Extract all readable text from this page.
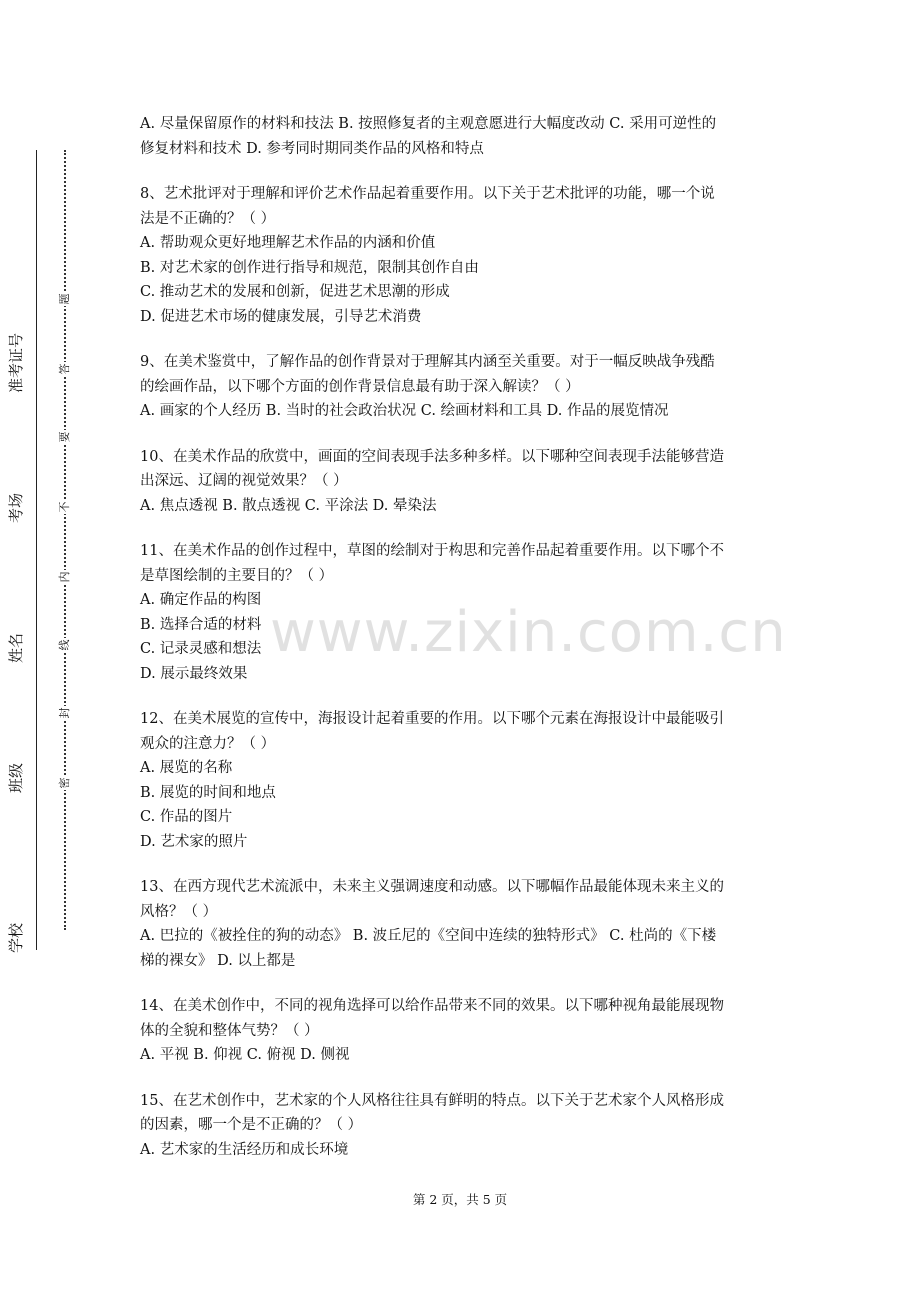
学校
班级
姓名
考场
准考证号
密
封
线
内
不
要
答
题

A. 尽量保留原作的材料和技法 B. 按照修复者的主观意愿进行大幅度改动 C. 采用可逆性的

修复材料和技术 D. 参考同时期同类作品的风格和特点

8、艺术批评对于理解和评价艺术作品起着重要作用。以下关于艺术批评的功能，哪一个说

法是不正确的？（ ）

A. 帮助观众更好地理解艺术作品的内涵和价值

B. 对艺术家的创作进行指导和规范，限制其创作自由

C. 推动艺术的发展和创新，促进艺术思潮的形成

D. 促进艺术市场的健康发展，引导艺术消费

9、在美术鉴赏中，了解作品的创作背景对于理解其内涵至关重要。对于一幅反映战争残酷

的绘画作品，以下哪个方面的创作背景信息最有助于深入解读？（ ）

A. 画家的个人经历 B. 当时的社会政治状况 C. 绘画材料和工具 D. 作品的展览情况

10、在美术作品的欣赏中，画面的空间表现手法多种多样。以下哪种空间表现手法能够营造

出深远、辽阔的视觉效果？（ ）

A. 焦点透视 B. 散点透视 C. 平涂法 D. 晕染法

11、在美术作品的创作过程中，草图的绘制对于构思和完善作品起着重要作用。以下哪个不

是草图绘制的主要目的？（ ）

A. 确定作品的构图

B. 选择合适的材料

C. 记录灵感和想法

D. 展示最终效果

12、在美术展览的宣传中，海报设计起着重要的作用。以下哪个元素在海报设计中最能吸引

观众的注意力？（ ）

A. 展览的名称

B. 展览的时间和地点

C. 作品的图片

D. 艺术家的照片

13、在西方现代艺术流派中，未来主义强调速度和动感。以下哪幅作品最能体现未来主义的

风格？（ ）

A. 巴拉的《被拴住的狗的动态》 B. 波丘尼的《空间中连续的独特形式》 C. 杜尚的《下楼

梯的裸女》 D. 以上都是

14、在美术创作中，不同的视角选择可以给作品带来不同的效果。以下哪种视角最能展现物

体的全貌和整体气势？（ ）

A. 平视 B. 仰视 C. 俯视 D. 侧视

15、在艺术创作中，艺术家的个人风格往往具有鲜明的特点。以下关于艺术家个人风格形成

的因素，哪一个是不正确的？（ ）

A. 艺术家的生活经历和成长环境

www.zixin.com.cn
第 2 页，共 5 页
